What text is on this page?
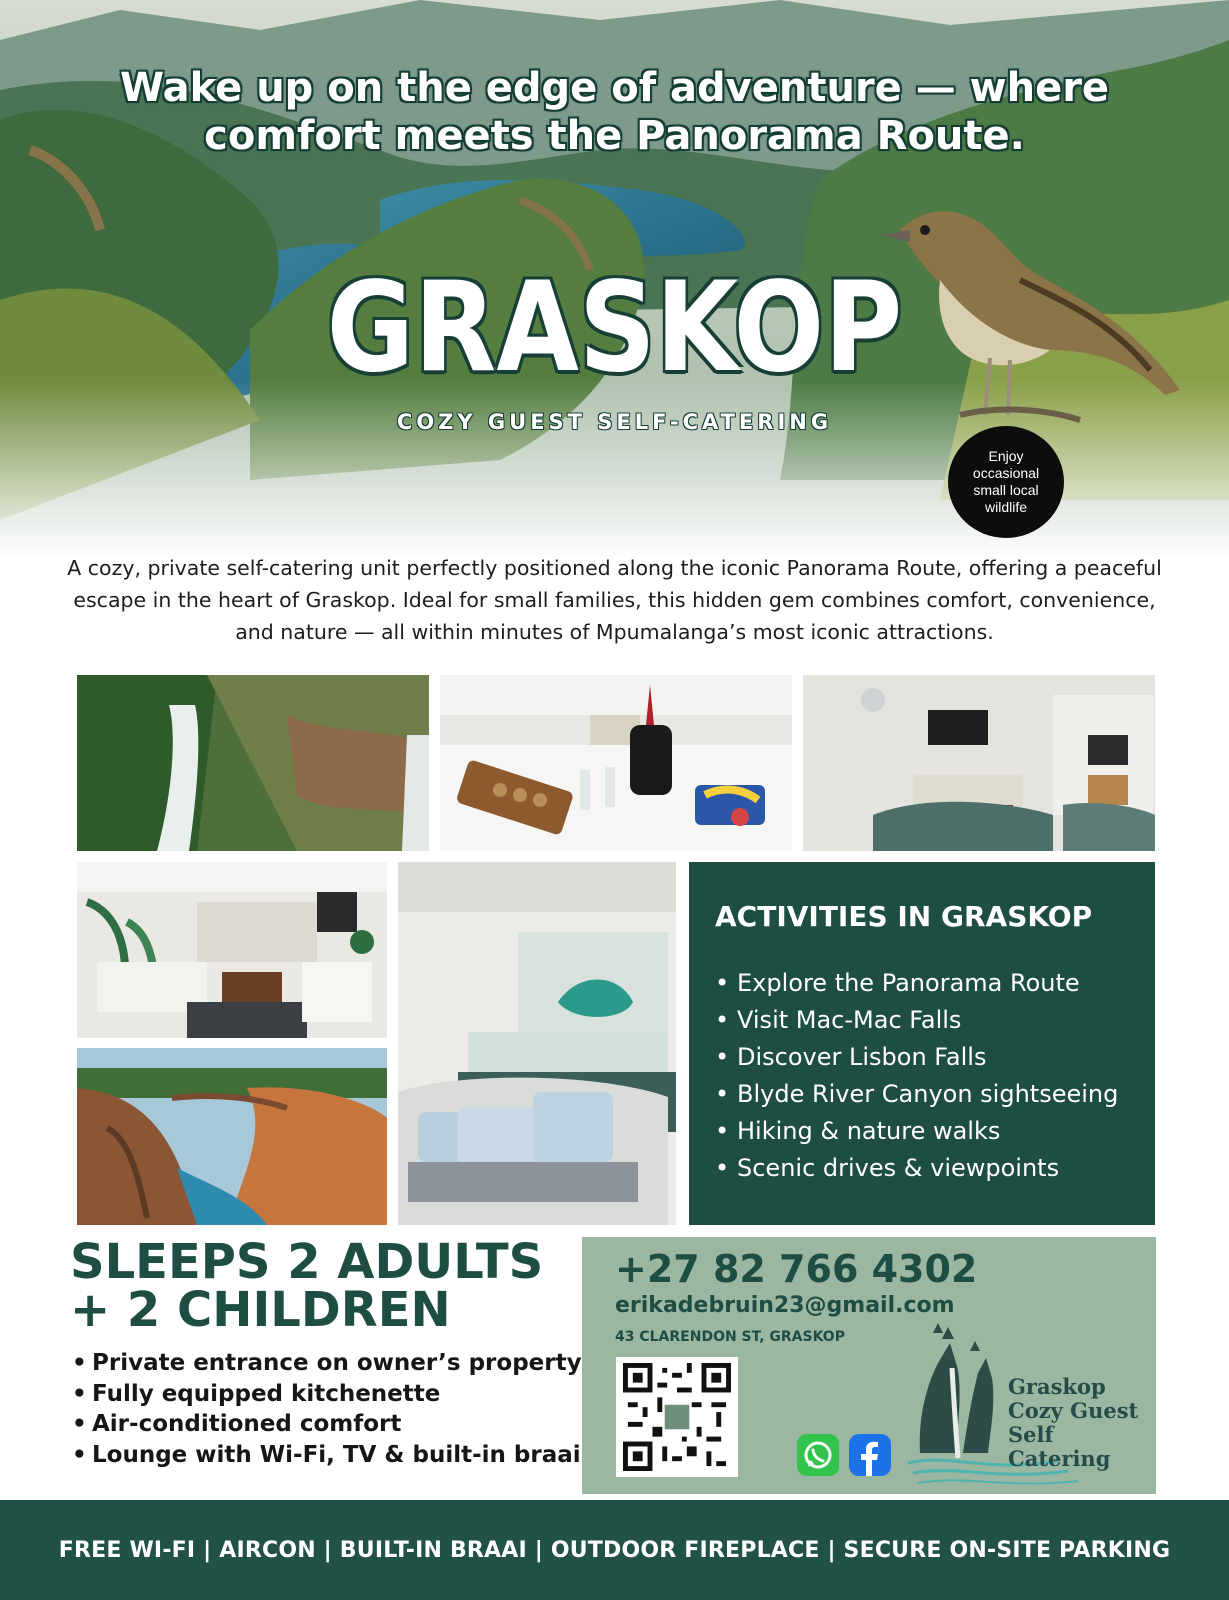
Wake up on the edge of adventure — where
comfort meets the Panorama Route.
GRASKOP
COZY GUEST SELF-CATERING
Enjoy
occasional
small local
wildlife

A cozy, private self-catering unit perfectly positioned along the iconic Panorama Route, offering a peaceful escape in the heart of Graskop. Ideal for small families, this hidden gem combines comfort, convenience, and nature — all within minutes of Mpumalanga’s most iconic attractions.

ACTIVITIES IN GRASKOP
• Explore the Panorama Route
• Visit Mac-Mac Falls
• Discover Lisbon Falls
• Blyde River Canyon sightseeing
• Hiking & nature walks
• Scenic drives & viewpoints
SLEEPS 2 ADULTS
+ 2 CHILDREN
• Private entrance on owner’s property
• Fully equipped kitchenette
• Air-conditioned comfort
• Lounge with Wi-Fi, TV & built-in braai
+27 82 766 4302
erikadebruin23@gmail.com
43 CLARENDON ST, GRASKOP
Graskop
Cozy Guest
Self Catering
FREE WI-FI | AIRCON | BUILT-IN BRAAI | OUTDOOR FIREPLACE | SECURE ON-SITE PARKING
